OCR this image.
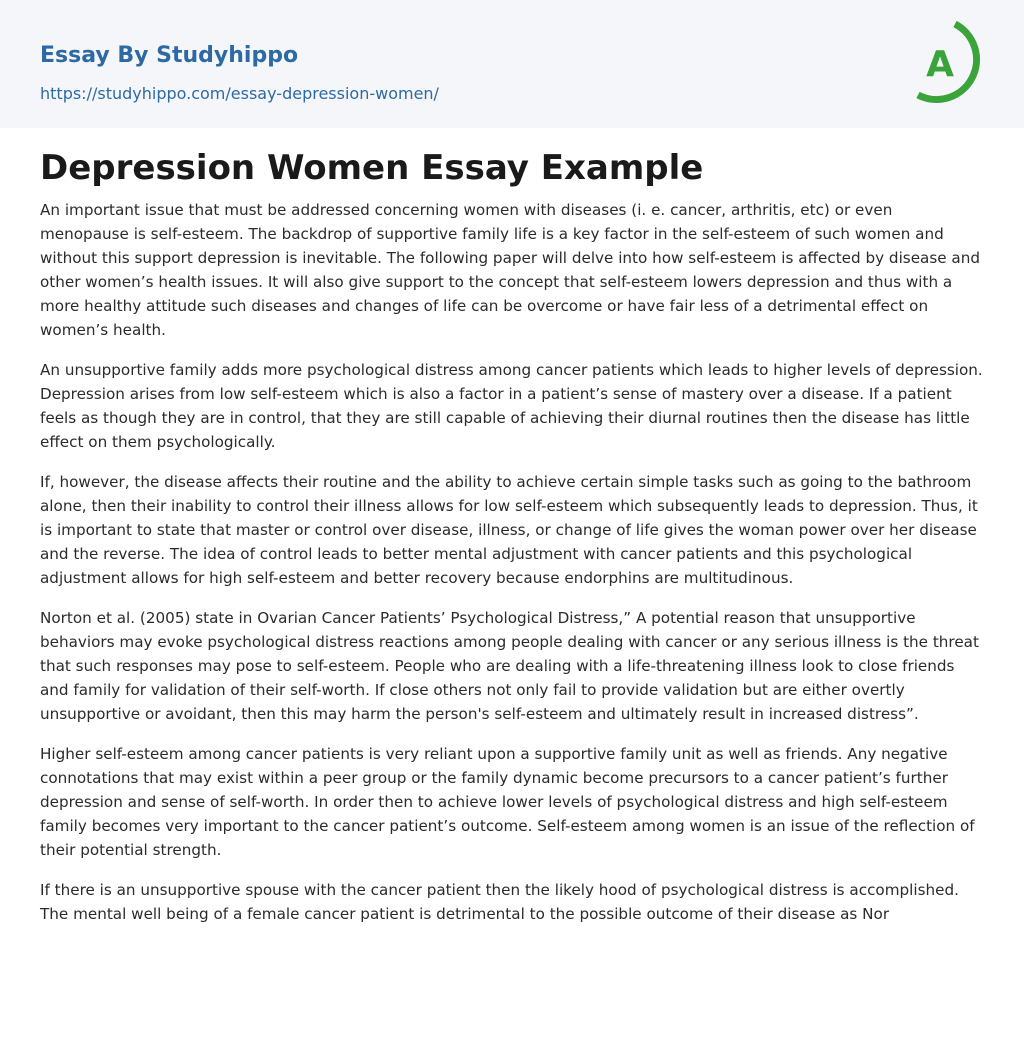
Essay By Studyhippo
https://studyhippo.com/essay-depression-women/
A
Depression Women Essay Example

An important issue that must be addressed concerning women with diseases (i. e. cancer, arthritis, etc) or even menopause is self-esteem. The backdrop of supportive family life is a key factor in the self-esteem of such women and without this support depression is inevitable. The following paper will delve into how self-esteem is affected by disease and other women’s health issues. It will also give support to the concept that self-esteem lowers depression and thus with a more healthy attitude such diseases and changes of life can be overcome or have fair less of a detrimental effect on women’s health.

An unsupportive family adds more psychological distress among cancer patients which leads to higher levels of depression. Depression arises from low self-esteem which is also a factor in a patient’s sense of mastery over a disease. If a patient feels as though they are in control, that they are still capable of achieving their diurnal routines then the disease has little effect on them psychologically.

If, however, the disease affects their routine and the ability to achieve certain simple tasks such as going to the bathroom alone, then their inability to control their illness allows for low self-esteem which subsequently leads to depression. Thus, it is important to state that master or control over disease, illness, or change of life gives the woman power over her disease and the reverse. The idea of control leads to better mental adjustment with cancer patients and this psychological adjustment allows for high self-esteem and better recovery because endorphins are multitudinous.

Norton et al. (2005) state in Ovarian Cancer Patients’ Psychological Distress,” A potential reason that unsupportive behaviors may evoke psychological distress reactions among people dealing with cancer or any serious illness is the threat that such responses may pose to self-esteem. People who are dealing with a life-threatening illness look to close friends and family for validation of their self-worth. If close others not only fail to provide validation but are either overtly unsupportive or avoidant, then this may harm the person's self-esteem and ultimately result in increased distress”.

Higher self-esteem among cancer patients is very reliant upon a supportive family unit as well as friends. Any negative connotations that may exist within a peer group or the family dynamic become precursors to a cancer patient’s further depression and sense of self-worth. In order then to achieve lower levels of psychological distress and high self-esteem family becomes very important to the cancer patient’s outcome. Self-esteem among women is an issue of the reflection of their potential strength.

If there is an unsupportive spouse with the cancer patient then the likely hood of psychological distress is accomplished. The mental well being of a female cancer patient is detrimental to the possible outcome of their disease as Nor
